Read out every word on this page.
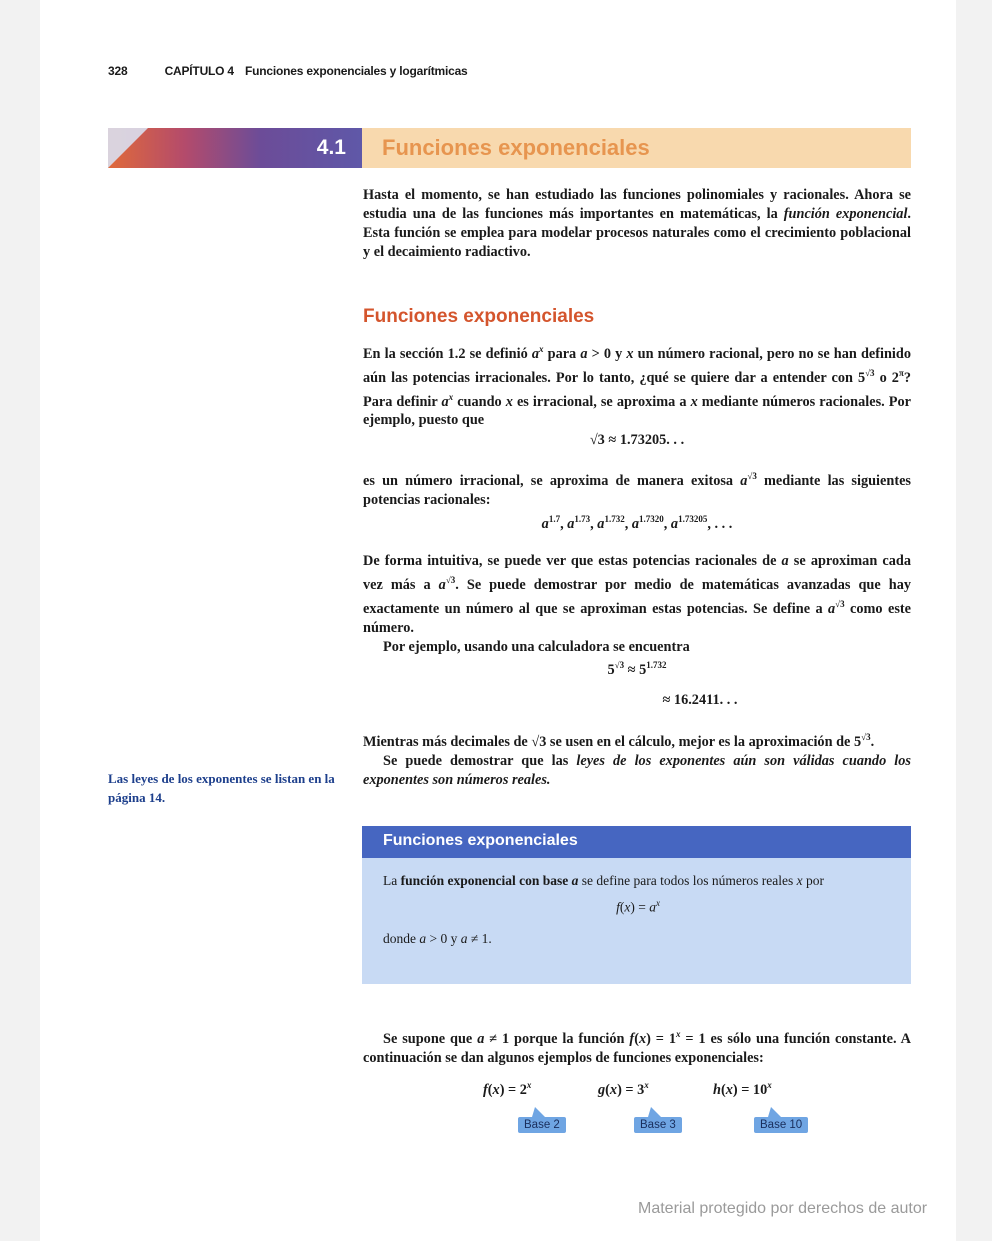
328	CAPÍTULO 4 Funciones exponenciales y logarítmicas
4.1 Funciones exponenciales

Hasta el momento, se han estudiado las funciones polinomiales y racionales. Ahora se estudia una de las funciones más importantes en matemáticas, la función exponencial. Esta función se emplea para modelar procesos naturales como el crecimiento poblacional y el decaimiento radiactivo.

Funciones exponenciales

En la sección 1.2 se definió $a^x$ para a > 0 y x un número racional, pero no se han definido aún las potencias irracionales. Por lo tanto, ¿qué se quiere dar a entender con $5^{√3}$ o $2^\pi$? Para definir $a^x$ cuando x es irracional, se aproxima a x mediante números racionales. Por ejemplo, puesto que

√3 ≈ 1.73205. . .

es un número irracional, se aproxima de manera exitosa $a^{√3}$ mediante las siguientes potencias racionales:

$a^{1.7}$, $a^{1.73}$, $a^{1.732}$, $a^{1.7320}$, $a^{1.73205}$, . . .

De forma intuitiva, se puede ver que estas potencias racionales de a se aproximan cada vez más a $a^{√3}$. Se puede demostrar por medio de matemáticas avanzadas que hay exactamente un número al que se aproximan estas potencias. Se define a $a^{√3}$ como este número.

Por ejemplo, usando una calculadora se encuentra

$5^{√3} \approx 5^{1.732}$
≈ 16.2411. . .

Mientras más decimales de √3 se usen en el cálculo, mejor es la aproximación de $5^{√3}$.

Se puede demostrar que las leyes de los exponentes aún son válidas cuando los exponentes son números reales.

Las leyes de los exponentes se listan en la página 14.
Funciones exponenciales
La función exponencial con base a se define para todos los números reales x por
$f(x) = a^x$
donde a > 0 y a ≠ 1.

Se supone que a ≠ 1 porque la función $f(x) = 1^x = 1$ es sólo una función constante. A continuación se dan algunos ejemplos de funciones exponenciales:

$f(x) = 2^x$	$g(x) = 3^x$	$h(x) = 10^x$
Base 2	Base 3	Base 10
Material protegido por derechos de autor
